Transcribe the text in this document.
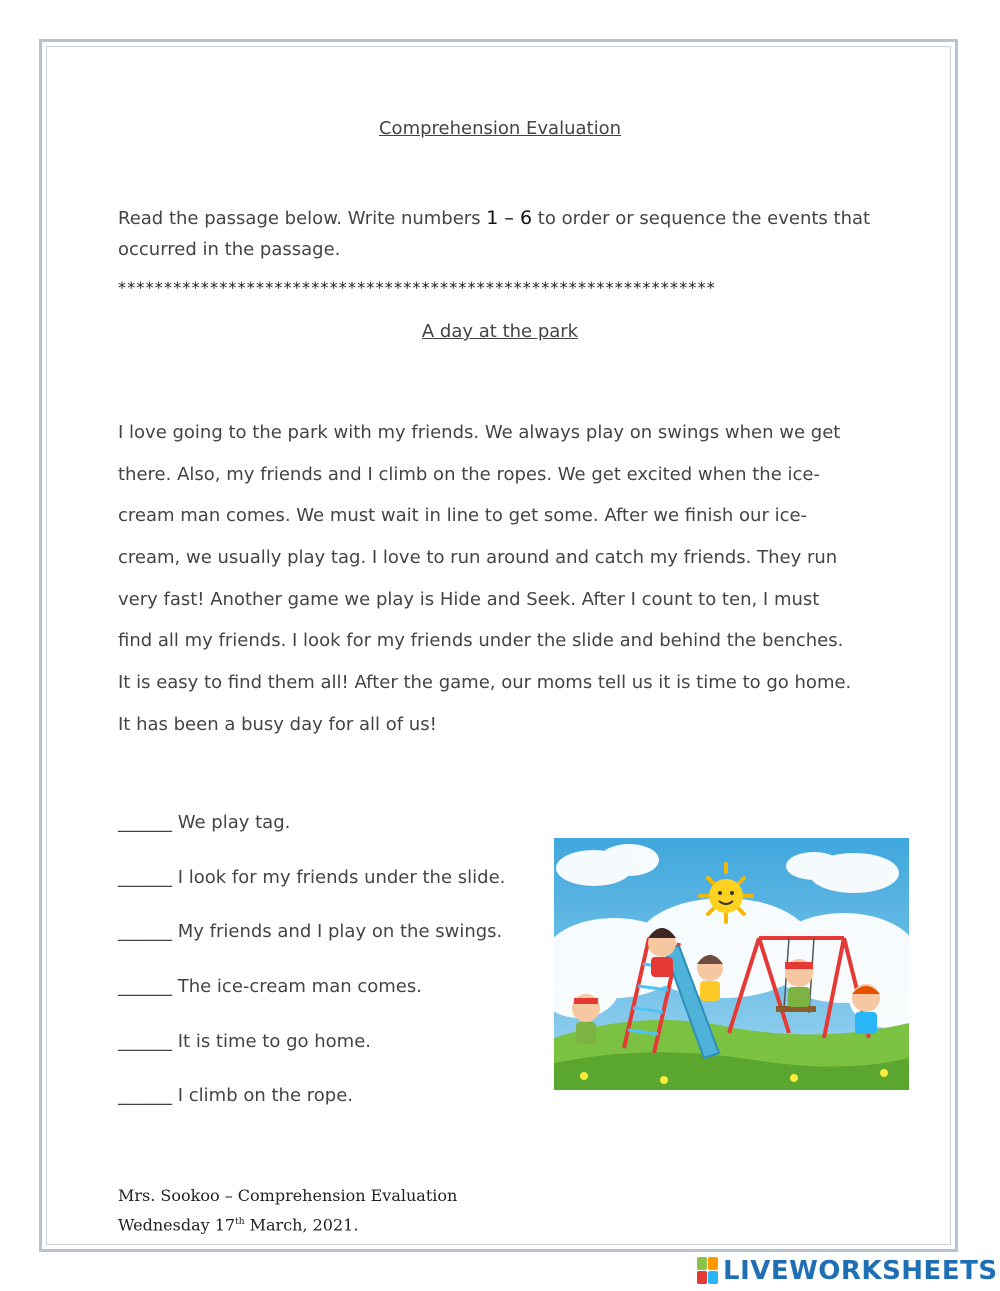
Comprehension Evaluation
Read the passage below. Write numbers 1 – 6 to order or sequence the events that occurred in the passage.
*****************************************************************
A day at the park
I love going to the park with my friends. We always play on swings when we get
there. Also, my friends and I climb on the ropes. We get excited when the ice-
cream man comes. We must wait in line to get some. After we finish our ice-
cream, we usually play tag. I love to run around and catch my friends. They run
very fast! Another game we play is Hide and Seek. After I count to ten, I must
find all my friends. I look for my friends under the slide and behind the benches.
It is easy to find them all! After the game, our moms tell us it is time to go home.
It has been a busy day for all of us!
______ We play tag.
______ I look for my friends under the slide.
______ My friends and I play on the swings.
______ The ice-cream man comes.
______ It is time to go home.
______ I climb on the rope.
Mrs. Sookoo – Comprehension Evaluation
Wednesday 17th March, 2021.
LIVEWORKSHEETS
